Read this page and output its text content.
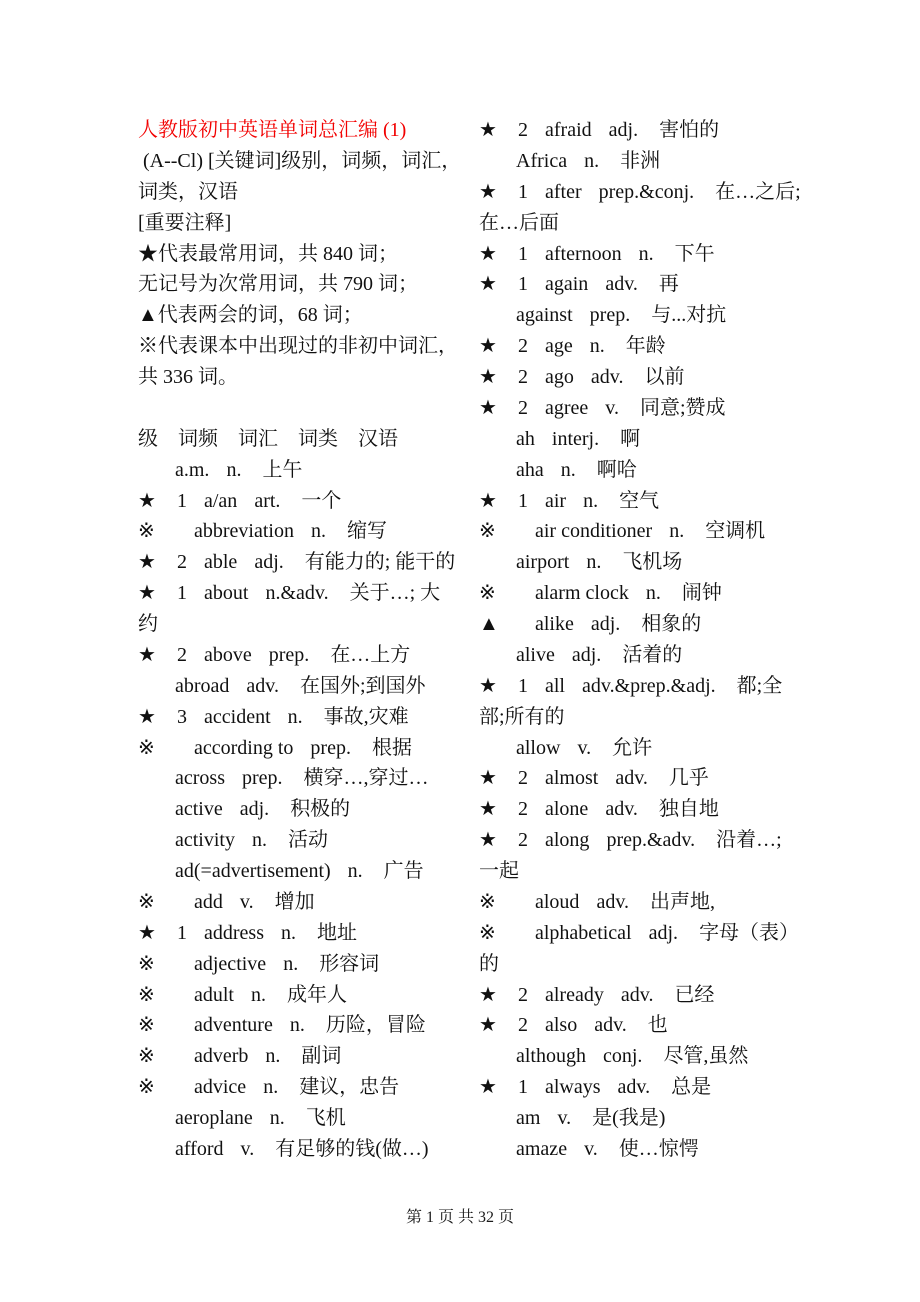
人教版初中英语单词总汇编 (1)
(A--Cl) [关键词]级别，词频，词汇，
词类，汉语
[重要注释]
★代表最常用词，共 840 词；
无记号为次常用词，共 790 词；
▲代表两会的词，68 词；
※代表课本中出现过的非初中词汇，
共 336 词。

级　词频　词汇　词类　汉语
a.m. n. 上午
★ 1 a/an art. 一个
※ abbreviation n. 缩写
★ 2 able adj. 有能力的; 能干的
★ 1 about n.&adv. 关于…; 大
约
★ 2 above prep. 在…上方
abroad adv. 在国外;到国外
★ 3 accident n. 事故,灾难
※ according to prep. 根据
across prep. 横穿…,穿过…
active adj. 积极的
activity n. 活动
ad(=advertisement) n. 广告
※ add v. 增加
★ 1 address n. 地址
※ adjective n. 形容词
※ adult n. 成年人
※ adventure n. 历险，冒险
※ adverb n. 副词
※ advice n. 建议，忠告
aeroplane n. 飞机
afford v. 有足够的钱(做…)
★ 2 afraid adj. 害怕的
Africa n. 非洲
★ 1 after prep.&conj. 在…之后;
在…后面
★ 1 afternoon n. 下午
★ 1 again adv. 再
against prep. 与...对抗
★ 2 age n. 年龄
★ 2 ago adv. 以前
★ 2 agree v. 同意;赞成
ah interj. 啊
aha n. 啊哈
★ 1 air n. 空气
※ air conditioner n. 空调机
airport n. 飞机场
※ alarm clock n. 闹钟
▲ alike adj. 相象的
alive adj. 活着的
★ 1 all adv.&prep.&adj. 都;全
部;所有的
allow v. 允许
★ 2 almost adv. 几乎
★ 2 alone adv. 独自地
★ 2 along prep.&adv. 沿着…;
一起
※ aloud adv. 出声地,
※ alphabetical adj. 字母（表）
的
★ 2 already adv. 已经
★ 2 also adv. 也
although conj. 尽管,虽然
★ 1 always adv. 总是
am v. 是(我是)
amaze v. 使…惊愕
第 1 页 共 32 页
